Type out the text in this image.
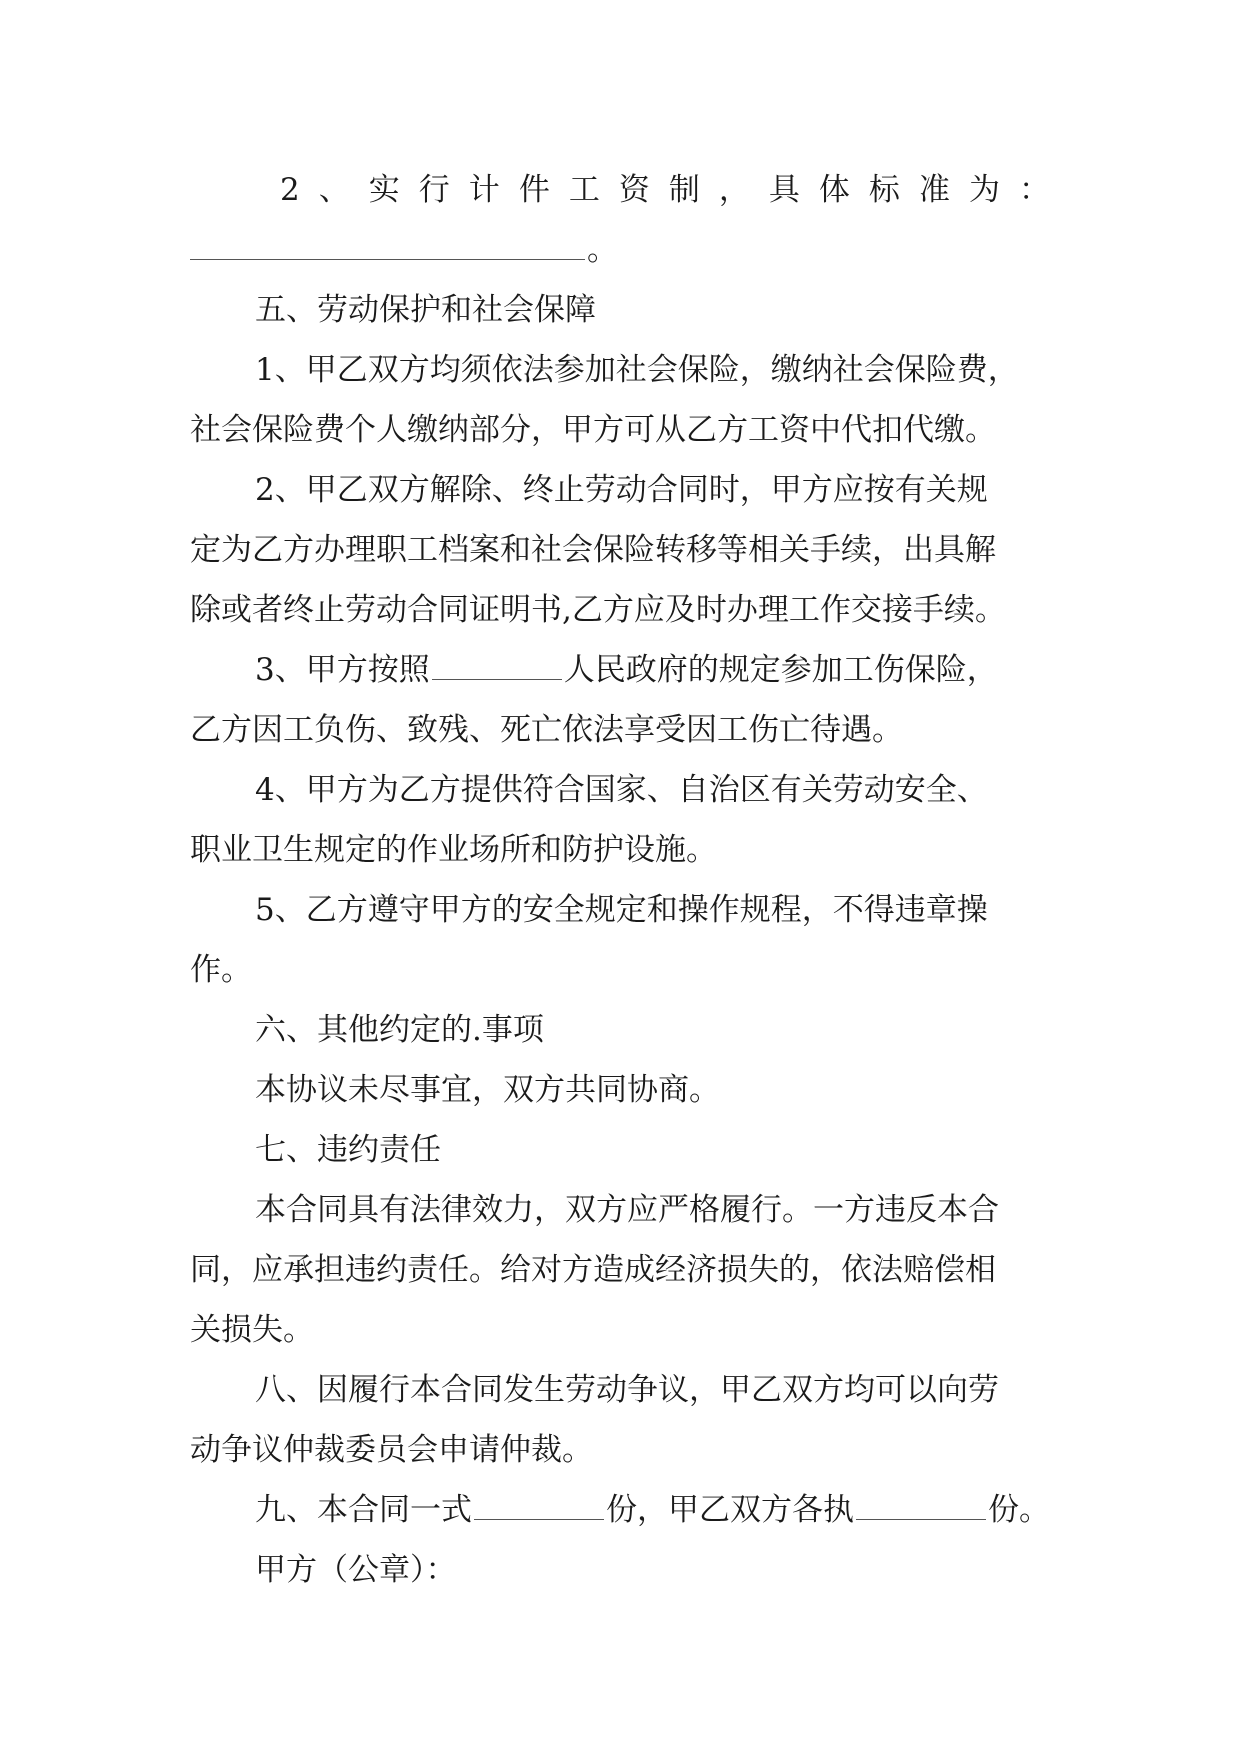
2 、 实 行 计 件 工 资 制 ， 具 体 标 准 为 ：
。
五、劳动保护和社会保障
1、甲乙双方均须依法参加社会保险，缴纳社会保险费，
社会保险费个人缴纳部分，甲方可从乙方工资中代扣代缴。
2、甲乙双方解除、终止劳动合同时，甲方应按有关规
定为乙方办理职工档案和社会保险转移等相关手续，出具解
除或者终止劳动合同证明书,乙方应及时办理工作交接手续。
3、甲方按照	人民政府的规定参加工伤保险，
乙方因工负伤、致残、死亡依法享受因工伤亡待遇。
4、甲方为乙方提供符合国家、自治区有关劳动安全、
职业卫生规定的作业场所和防护设施。
5、乙方遵守甲方的安全规定和操作规程，不得违章操
作。
六、其他约定的.事项
本协议未尽事宜，双方共同协商。
七、违约责任
本合同具有法律效力，双方应严格履行。一方违反本合
同，应承担违约责任。给对方造成经济损失的，依法赔偿相
关损失。
八、因履行本合同发生劳动争议，甲乙双方均可以向劳
动争议仲裁委员会申请仲裁。
九、本合同一式	份，甲乙双方各执	份。
甲方（公章）：
